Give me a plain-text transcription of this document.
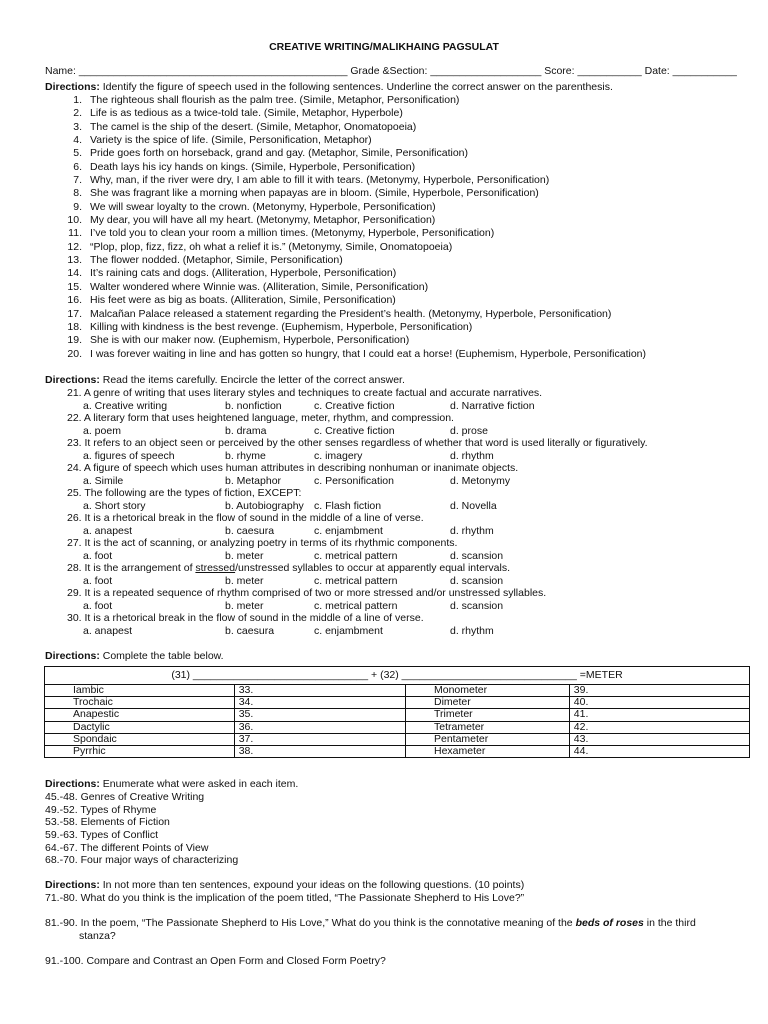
CREATIVE WRITING/MALIKHAING PAGSULAT
Name: ______________________________________________ Grade &Section: ___________________ Score: ___________ Date: ___________
Directions: Identify the figure of speech used in the following sentences. Underline the correct answer on the parenthesis.
1. The righteous shall flourish as the palm tree. (Simile, Metaphor, Personification)
2. Life is as tedious as a twice-told tale. (Simile, Metaphor, Hyperbole)
3. The camel is the ship of the desert. (Simile, Metaphor, Onomatopoeia)
4. Variety is the spice of life. (Simile, Personification, Metaphor)
5. Pride goes forth on horseback, grand and gay. (Metaphor, Simile, Personification)
6. Death lays his icy hands on kings. (Simile, Hyperbole, Personification)
7. Why, man, if the river were dry, I am able to fill it with tears. (Metonymy, Hyperbole, Personification)
8. She was fragrant like a morning when papayas are in bloom. (Simile, Hyperbole, Personification)
9. We will swear loyalty to the crown. (Metonymy, Hyperbole, Personification)
10. My dear, you will have all my heart. (Metonymy, Metaphor, Personification)
11. I’ve told you to clean your room a million times. (Metonymy, Hyperbole, Personification)
12. “Plop, plop, fizz, fizz, oh what a relief it is.” (Metonymy, Simile, Onomatopoeia)
13. The flower nodded. (Metaphor, Simile, Personification)
14. It’s raining cats and dogs. (Alliteration, Hyperbole, Personification)
15. Walter wondered where Winnie was. (Alliteration, Simile, Personification)
16. His feet were as big as boats. (Alliteration, Simile, Personification)
17. Malcañan Palace released a statement regarding the President’s health. (Metonymy, Hyperbole, Personification)
18. Killing with kindness is the best revenge. (Euphemism, Hyperbole, Personification)
19. She is with our maker now. (Euphemism, Hyperbole, Personification)
20. I was forever waiting in line and has gotten so hungry, that I could eat a horse! (Euphemism, Hyperbole, Personification)
Directions: Read the items carefully. Encircle the letter of the correct answer.
21. A genre of writing that uses literary styles and techniques to create factual and accurate narratives.
a. Creative writing	b. nonfiction	c. Creative fiction	d. Narrative fiction
22. A literary form that uses heightened language, meter, rhythm, and compression.
a. poem	b. drama	c. Creative fiction	d. prose
23. It refers to an object seen or perceived by the other senses regardless of whether that word is used literally or figuratively.
a. figures of speech	b. rhyme	c. imagery	d. rhythm
24. A figure of speech which uses human attributes in describing nonhuman or inanimate objects.
a. Simile	b. Metaphor	c. Personification	d. Metonymy
25. The following are the types of fiction, EXCEPT:
a. Short story	b. Autobiography c. Flash fiction	d. Novella
26. It is a rhetorical break in the flow of sound in the middle of a line of verse.
a. anapest	b. caesura	c. enjambment	d. rhythm
27. It is the act of scanning, or analyzing poetry in terms of its rhythmic components.
a. foot	b. meter	c. metrical pattern	d. scansion
28. It is the arrangement of stressed/unstressed syllables to occur at apparently equal intervals.
a. foot	b. meter	c. metrical pattern	d. scansion
29. It is a repeated sequence of rhythm comprised of two or more stressed and/or unstressed syllables.
a. foot	b. meter	c. metrical pattern	d. scansion
30. It is a rhetorical break in the flow of sound in the middle of a line of verse.
a. anapest	b. caesura	c. enjambment	d. rhythm
Directions: Complete the table below.
(31) ______________________________ + (32) ______________________________ =METER			
Iambic	33.	Monometer	39.
Trochaic	34.	Dimeter	40.
Anapestic	35.	Trimeter	41.
Dactylic	36.	Tetrameter	42.
Spondaic	37.	Pentameter	43.
Pyrrhic	38.	Hexameter	44.
Directions: Enumerate what were asked in each item.
45.-48. Genres of Creative Writing
49.-52. Types of Rhyme
53.-58. Elements of Fiction
59.-63. Types of Conflict
64.-67. The different Points of View
68.-70. Four major ways of characterizing
Directions: In not more than ten sentences, expound your ideas on the following questions. (10 points)
71.-80. What do you think is the implication of the poem titled, “The Passionate Shepherd to His Love?”
81.-90. In the poem, “The Passionate Shepherd to His Love,” What do you think is the connotative meaning of the beds of roses in the third
stanza?
91.-100. Compare and Contrast an Open Form and Closed Form Poetry?
